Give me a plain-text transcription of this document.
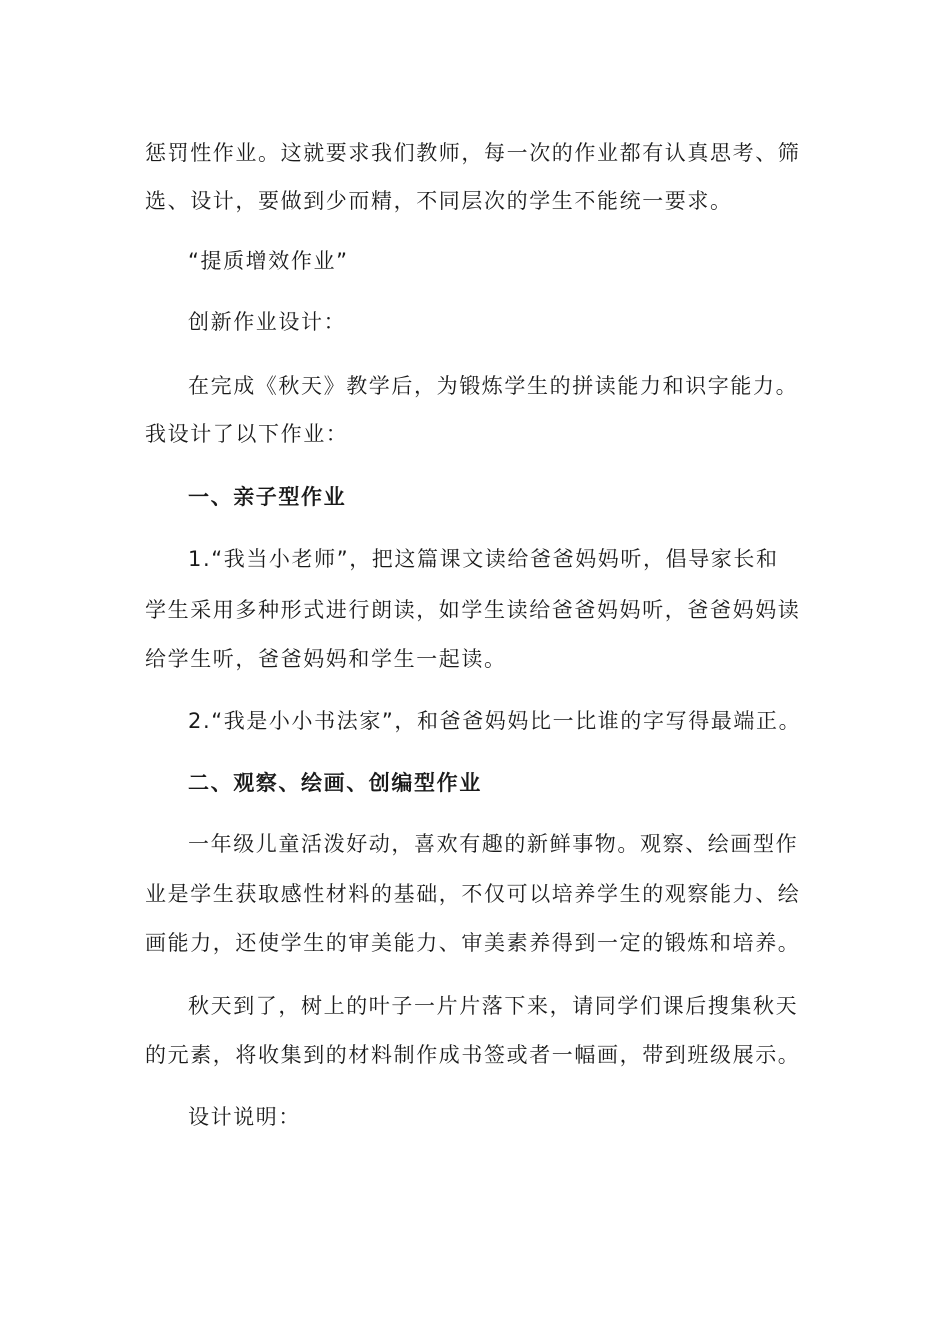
惩罚性作业。这就要求我们教师，每一次的作业都有认真思考、筛
选、设计，要做到少而精，不同层次的学生不能统一要求。
“提质增效作业”
创新作业设计：
在完成《秋天》教学后，为锻炼学生的拼读能力和识字能力。
我设计了以下作业：
一、亲子型作业
1.“我当小老师”，把这篇课文读给爸爸妈妈听，倡导家长和
学生采用多种形式进行朗读，如学生读给爸爸妈妈听，爸爸妈妈读
给学生听，爸爸妈妈和学生一起读。
2.“我是小小书法家”，和爸爸妈妈比一比谁的字写得最端正。
二、观察、绘画、创编型作业
一年级儿童活泼好动，喜欢有趣的新鲜事物。观察、绘画型作
业是学生获取感性材料的基础，不仅可以培养学生的观察能力、绘
画能力，还使学生的审美能力、审美素养得到一定的锻炼和培养。
秋天到了，树上的叶子一片片落下来，请同学们课后搜集秋天
的元素，将收集到的材料制作成书签或者一幅画，带到班级展示。
设计说明：
